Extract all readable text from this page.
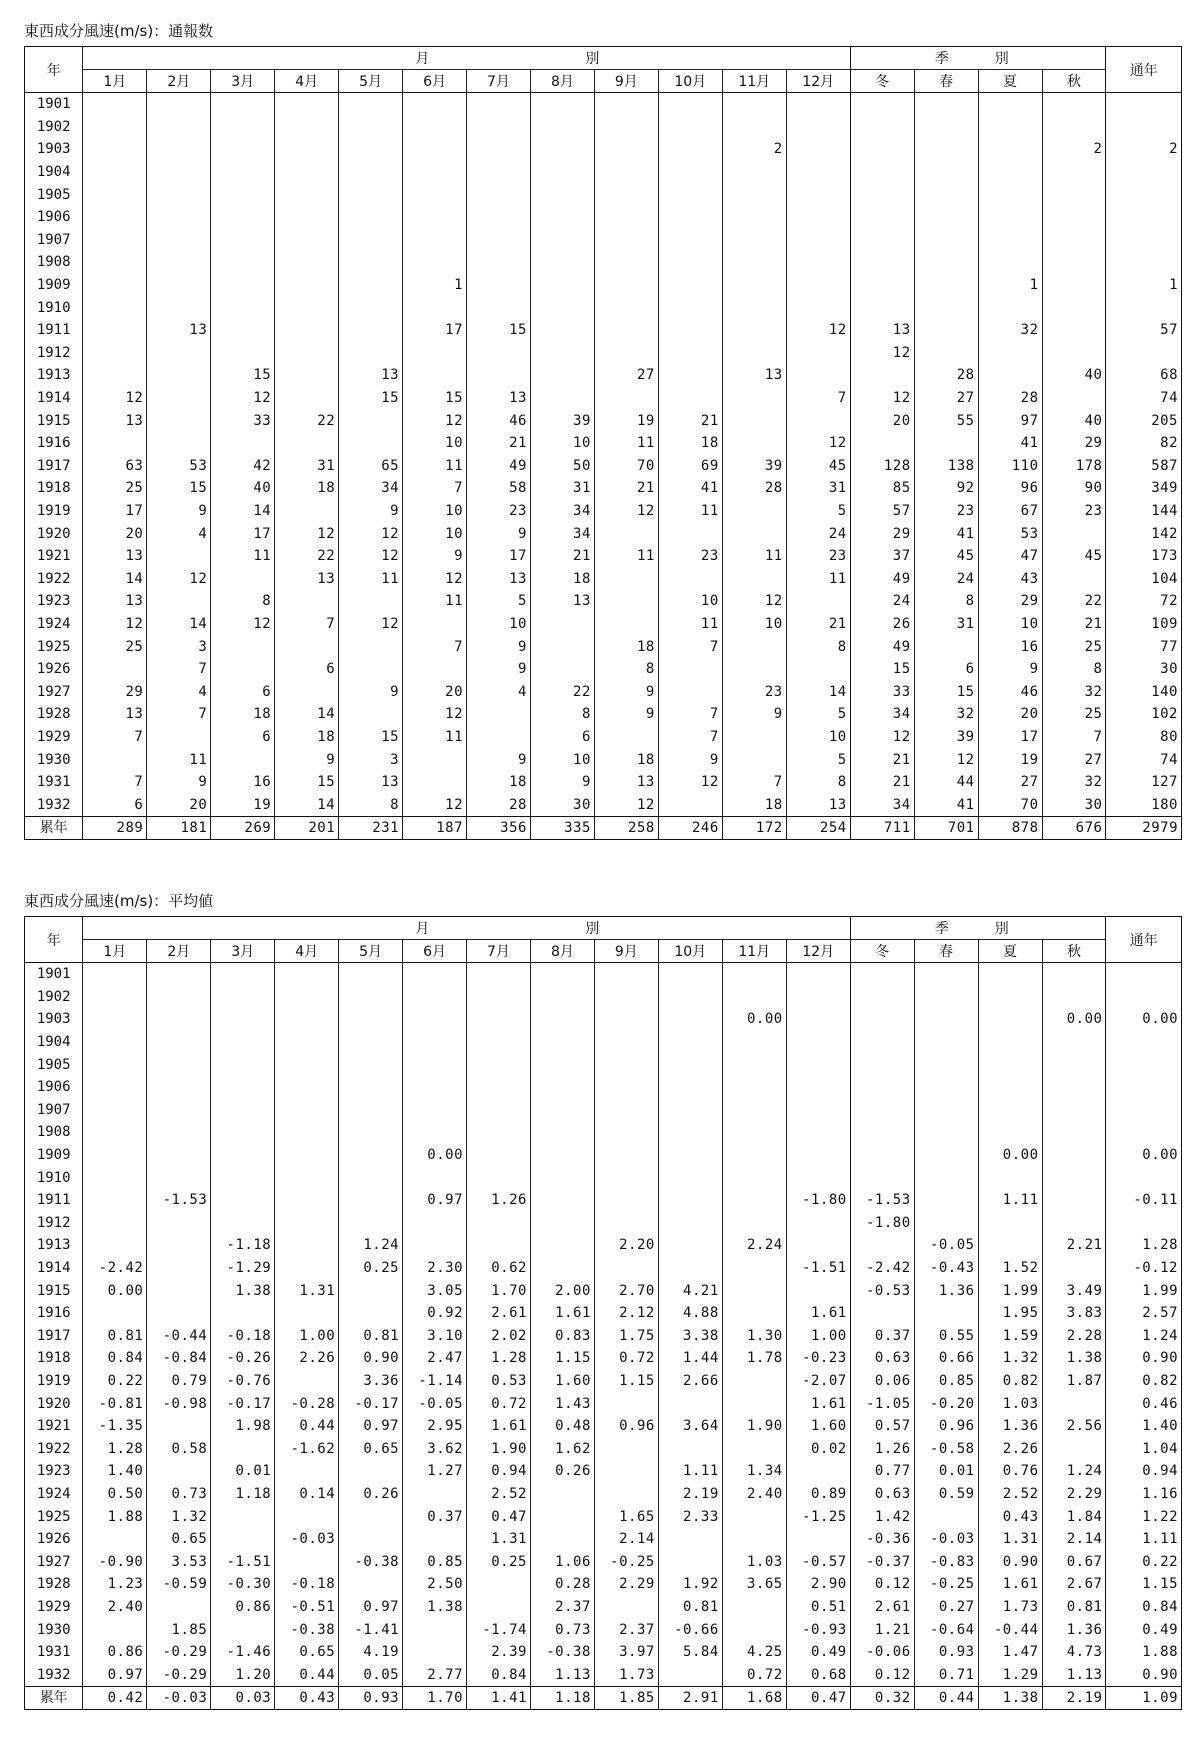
東西成分風速(m/s)：通報数
年	月 別												季 別				通年
	1月	2月	3月	4月	5月	6月	7月	8月	9月	10月	11月	12月	冬	春	夏	秋	
1901																	
1902																	
1903											2					2	2
1904																	
1905																	
1906																	
1907																	
1908																	
1909						1									1		1
1910																	
1911		13				17	15					12	13		32		57
1912													12				
1913			15		13				27		13			28		40	68
1914	12		12		15	15	13					7	12	27	28		74
1915	13		33	22		12	46	39	19	21			20	55	97	40	205
1916						10	21	10	11	18		12			41	29	82
1917	63	53	42	31	65	11	49	50	70	69	39	45	128	138	110	178	587
1918	25	15	40	18	34	7	58	31	21	41	28	31	85	92	96	90	349
1919	17	9	14		9	10	23	34	12	11		5	57	23	67	23	144
1920	20	4	17	12	12	10	9	34				24	29	41	53		142
1921	13		11	22	12	9	17	21	11	23	11	23	37	45	47	45	173
1922	14	12		13	11	12	13	18				11	49	24	43		104
1923	13		8			11	5	13		10	12		24	8	29	22	72
1924	12	14	12	7	12		10			11	10	21	26	31	10	21	109
1925	25	3				7	9		18	7		8	49		16	25	77
1926		7		6			9		8				15	6	9	8	30
1927	29	4	6		9	20	4	22	9		23	14	33	15	46	32	140
1928	13	7	18	14		12		8	9	7	9	5	34	32	20	25	102
1929	7		6	18	15	11		6		7		10	12	39	17	7	80
1930		11		9	3		9	10	18	9		5	21	12	19	27	74
1931	7	9	16	15	13		18	9	13	12	7	8	21	44	27	32	127
1932	6	20	19	14	8	12	28	30	12		18	13	34	41	70	30	180
累年	289	181	269	201	231	187	356	335	258	246	172	254	711	701	878	676	2979
東西成分風速(m/s)：平均値
年	月 別												季 別				通年
	1月	2月	3月	4月	5月	6月	7月	8月	9月	10月	11月	12月	冬	春	夏	秋	
1901																	
1902																	
1903											0.00					0.00	0.00
1904																	
1905																	
1906																	
1907																	
1908																	
1909						0.00									0.00		0.00
1910																	
1911		-1.53				0.97	1.26					-1.80	-1.53		1.11		-0.11
1912													-1.80				
1913			-1.18		1.24				2.20		2.24			-0.05		2.21	1.28
1914	-2.42		-1.29		0.25	2.30	0.62					-1.51	-2.42	-0.43	1.52		-0.12
1915	0.00		1.38	1.31		3.05	1.70	2.00	2.70	4.21			-0.53	1.36	1.99	3.49	1.99
1916						0.92	2.61	1.61	2.12	4.88		1.61			1.95	3.83	2.57
1917	0.81	-0.44	-0.18	1.00	0.81	3.10	2.02	0.83	1.75	3.38	1.30	1.00	0.37	0.55	1.59	2.28	1.24
1918	0.84	-0.84	-0.26	2.26	0.90	2.47	1.28	1.15	0.72	1.44	1.78	-0.23	0.63	0.66	1.32	1.38	0.90
1919	0.22	0.79	-0.76		3.36	-1.14	0.53	1.60	1.15	2.66		-2.07	0.06	0.85	0.82	1.87	0.82
1920	-0.81	-0.98	-0.17	-0.28	-0.17	-0.05	0.72	1.43				1.61	-1.05	-0.20	1.03		0.46
1921	-1.35		1.98	0.44	0.97	2.95	1.61	0.48	0.96	3.64	1.90	1.60	0.57	0.96	1.36	2.56	1.40
1922	1.28	0.58		-1.62	0.65	3.62	1.90	1.62				0.02	1.26	-0.58	2.26		1.04
1923	1.40		0.01			1.27	0.94	0.26		1.11	1.34		0.77	0.01	0.76	1.24	0.94
1924	0.50	0.73	1.18	0.14	0.26		2.52			2.19	2.40	0.89	0.63	0.59	2.52	2.29	1.16
1925	1.88	1.32				0.37	0.47		1.65	2.33		-1.25	1.42		0.43	1.84	1.22
1926		0.65		-0.03			1.31		2.14				-0.36	-0.03	1.31	2.14	1.11
1927	-0.90	3.53	-1.51		-0.38	0.85	0.25	1.06	-0.25		1.03	-0.57	-0.37	-0.83	0.90	0.67	0.22
1928	1.23	-0.59	-0.30	-0.18		2.50		0.28	2.29	1.92	3.65	2.90	0.12	-0.25	1.61	2.67	1.15
1929	2.40		0.86	-0.51	0.97	1.38		2.37		0.81		0.51	2.61	0.27	1.73	0.81	0.84
1930		1.85		-0.38	-1.41		-1.74	0.73	2.37	-0.66		-0.93	1.21	-0.64	-0.44	1.36	0.49
1931	0.86	-0.29	-1.46	0.65	4.19		2.39	-0.38	3.97	5.84	4.25	0.49	-0.06	0.93	1.47	4.73	1.88
1932	0.97	-0.29	1.20	0.44	0.05	2.77	0.84	1.13	1.73		0.72	0.68	0.12	0.71	1.29	1.13	0.90
累年	0.42	-0.03	0.03	0.43	0.93	1.70	1.41	1.18	1.85	2.91	1.68	0.47	0.32	0.44	1.38	2.19	1.09
